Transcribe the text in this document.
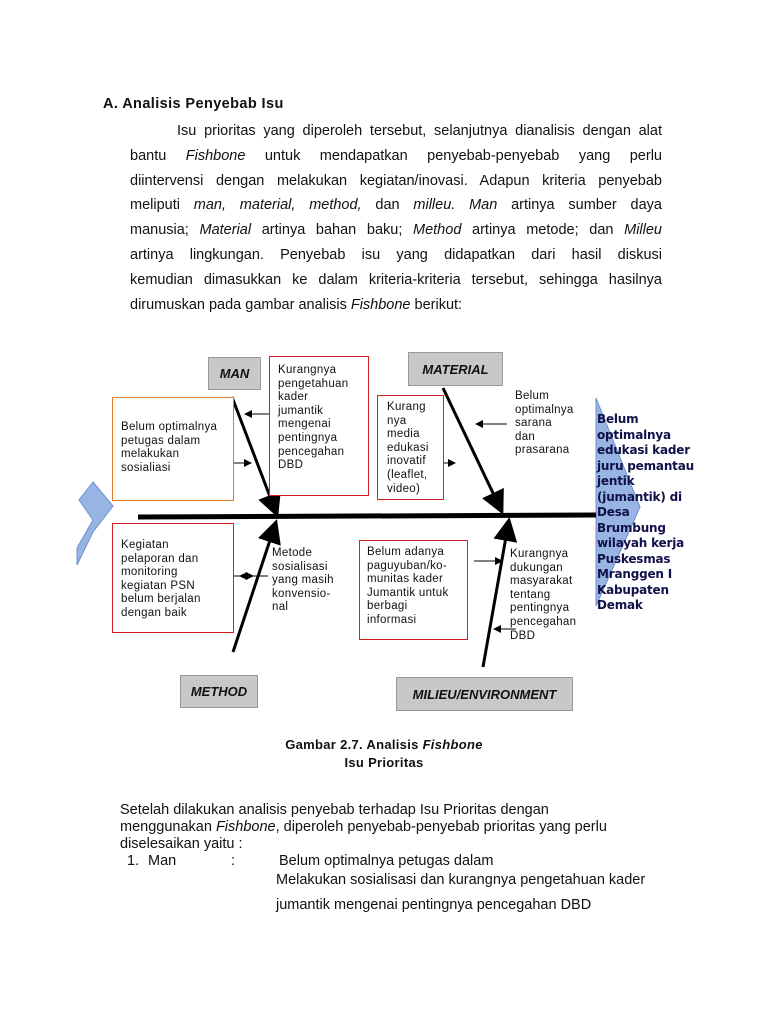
A. Analisis Penyebab Isu
Isu prioritas yang diperoleh tersebut, selanjutnya dianalisis dengan alat
bantu Fishbone untuk mendapatkan penyebab-penyebab yang perlu
diintervensi dengan melakukan kegiatan/inovasi. Adapun kriteria penyebab
meliputi man, material, method, dan milleu. Man artinya sumber daya
manusia; Material artinya bahan baku; Method artinya metode; dan Milleu
artinya lingkungan. Penyebab isu yang didapatkan dari hasil diskusi
kemudian dimasukkan ke dalam kriteria-kriteria tersebut, sehingga hasilnya
dirumuskan pada gambar analisis Fishbone berikut:
MAN	MATERIAL
METHOD	MILIEU/ENVIRONMENT
Belum optimalnya
petugas dalam
melakukan
sosialiasi
Kurangnya
pengetahuan
kader
jumantik
mengenai
pentingnya
pencegahan
DBD
Kurang
nya
media
edukasi
inovatif
(leaflet,
video)
Belum
optimalnya
sarana
dan
prasarana
Kegiatan
pelaporan dan
monitoring
kegiatan PSN
belum berjalan
dengan baik
Metode
sosialisasi
yang masih
konvensio-
nal
Belum adanya
paguyuban/ko-
munitas kader
Jumantik untuk
berbagi
informasi
Kurangnya
dukungan
masyarakat
tentang
pentingnya
pencegahan
DBD
Belum
optimalnya
edukasi kader
juru pemantau
jentik
(jumantik) di
Desa Brumbung
wilayah kerja
Puskesmas
Mranggen I
Kabupaten
Demak
Gambar 2.7. Analisis Fishbone
Isu Prioritas
Setelah dilakukan analisis penyebab terhadap Isu Prioritas dengan
menggunakan Fishbone, diperoleh penyebab-penyebab prioritas yang perlu
diselesaikan yaitu :
1. Man	:	Belum optimalnya petugas dalam
Melakukan sosialisasi dan kurangnya pengetahuan kader
jumantik mengenai pentingnya pencegahan DBD
